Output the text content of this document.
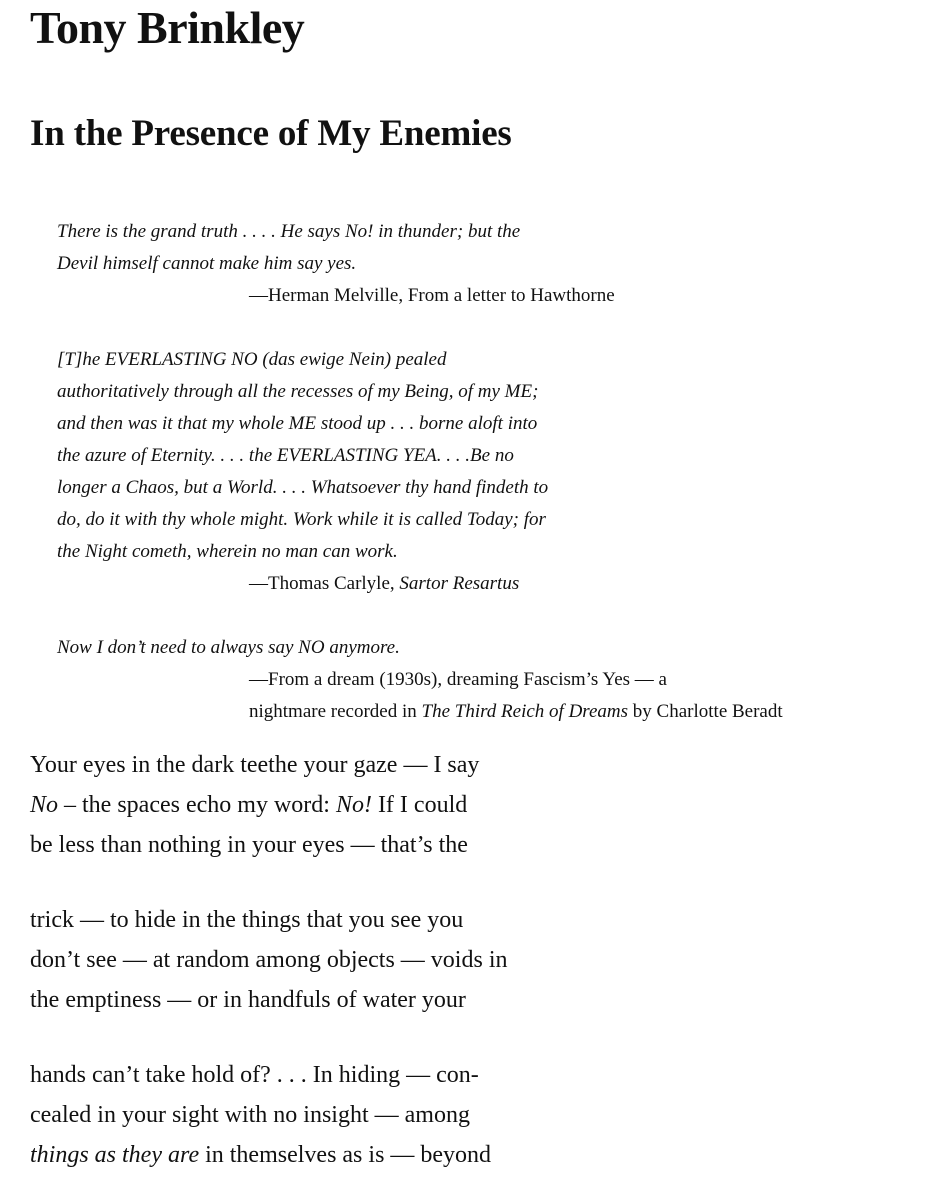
Tony Brinkley
In the Presence of My Enemies
There is the grand truth . . . . He says No! in thunder; but the
Devil himself cannot make him say yes.
—Herman Melville, From a letter to Hawthorne
[T]he EVERLASTING NO (das ewige Nein) pealed
authoritatively through all the recesses of my Being, of my ME;
and then was it that my whole ME stood up . . . borne aloft into
the azure of Eternity. . . . the EVERLASTING YEA. . . .Be no
longer a Chaos, but a World. . . . Whatsoever thy hand findeth to
do, do it with thy whole might. Work while it is called Today; for
the Night cometh, wherein no man can work.
—Thomas Carlyle, Sartor Resartus
Now I don’t need to always say NO anymore.
—From a dream (1930s), dreaming Fascism’s Yes — a
nightmare recorded in The Third Reich of Dreams by Charlotte Beradt
Your eyes in the dark teethe your gaze — I say
No – the spaces echo my word: No! If I could
be less than nothing in your eyes — that’s the
trick — to hide in the things that you see you
don’t see — at random among objects — voids in
the emptiness — or in handfuls of water your
hands can’t take hold of? . . . In hiding — con-
cealed in your sight with no insight — among
things as they are in themselves as is — beyond
